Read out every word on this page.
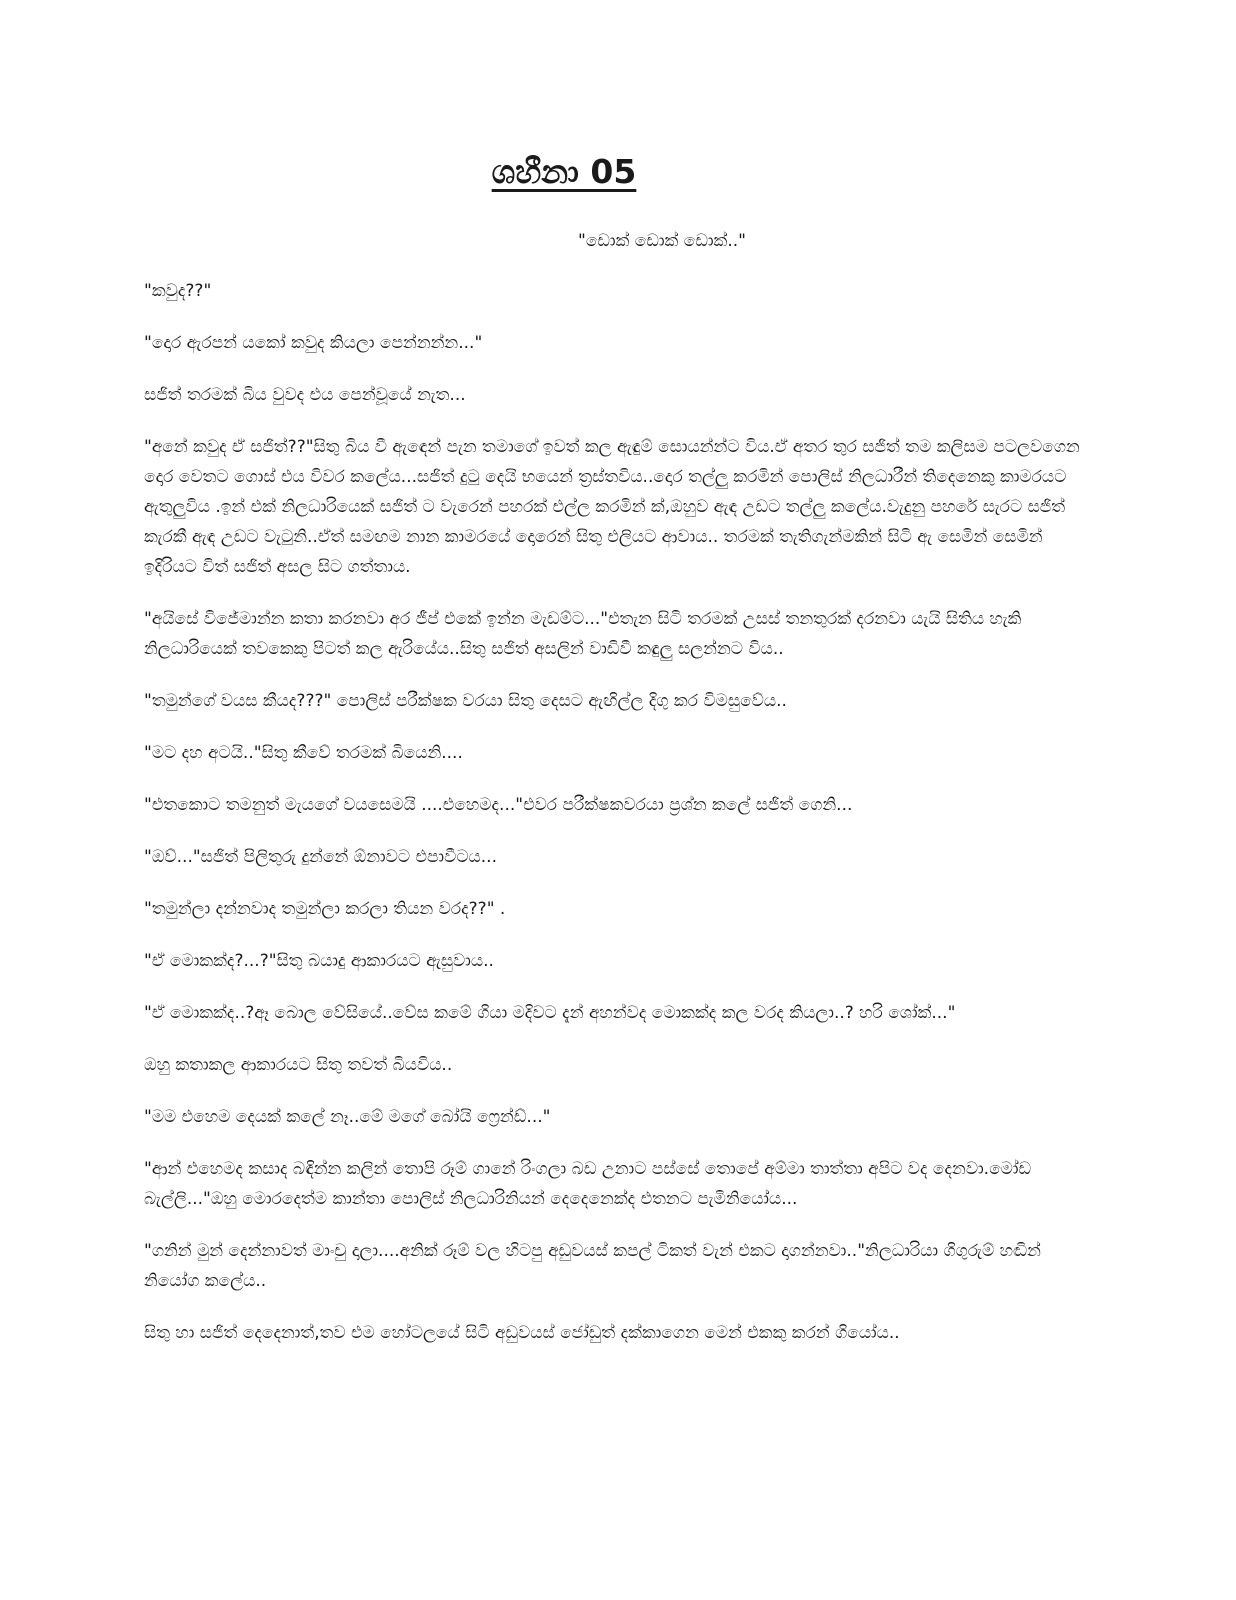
ශහීනා 05

"ඩොක් ඩොක් ඩොක්.."

"කවුද??"

"දොර ඇරපන් යකෝ කවුද කියලා පෙන්නන්න..."

සජිත් තරමක් බිය වුවද එය පෙන්වූයේ නැත...

"අනේ කවුද ඒ සජිත්??"සිතු බිය වී ඇඳෙන් පැන තමාගේ ඉවත් කල ඇඳුම් සොයන්න්ට විය.ඒ අතර තුර සජිත් තම කලිසම පටලවගෙන දොර වෙතට ගොස් එය විවර කලේය...සජිත් දුටු දෙයි භයෙන් ත්‍රස්තවිය..දොර තල්ලු කරමින් පොලිස් නිලධාරීන් තිදෙනෙකු කාමරයට ඇතුලුවිය .ඉන් එක් නිලධාරියෙක් සජිත් ට වැරෙන් පහරක් එල්ල කරමින් ක්,ඔහුව ඇඳ උඩට තල්ලු කලේය.වැදුනු පහරේ සැරට සජිත් කැරකී ඇඳ උඩට වැටුනි..ඒත් සමඟම නාන කාමරයේ දොරෙන් සිතු එලියට ආවාය.. තරමක් තැතිගැන්මකින් සිටි ඇ සෙමින් සෙමින් ඉදිරියට විත් සජිත් අසල සිට ගත්තාය.

"අයිසේ විජේමාන්න කතා කරනවා අර ජීප් එකේ ඉන්න මැඩම්ට..."එතැන සිටි තරමක් උසස් තනතුරක් දරනවා යැයි සිතිය හැකි නිලධාරියෙක් තවකෙකු පිටත් කල ඇරියේය..සිතු සජිත් අසලින් වාඩිවී කඳුලු සලන්නට විය..

"තමුන්ගේ වයස කීයද???" පොලිස් පරීක්ෂක වරයා සිතු දෙසට ඇඟිල්ල දිගු කර විමසුවේය..

"මට දහ අටයි.."සිතු කීවේ තරමක් බියෙනි....

"එතකොට තමනුත් මැයගේ වයසෙමයි ....එහෙමද..."එවර පරීක්ෂකවරයා ප්‍රශ්න කලේ සජිත් ගෙනි...

"ඔව්..."සජිත් පිලිතුරු දුන්නේ ඕනාවට එපාවීටය...

"තමුන්ලා දන්නවාද තමුන්ලා කරලා තියන වරද??" .

"ඒ මොකක්ද?...?"සිතු බයාදු ආකාරයට ඇසුවාය..

"ඒ මොකක්ද..?ඈ බොල වේසියේ..වේස කමේ ගියා මදිවට දැන් අහන්වද මොකක්ද කල වරද කියලා..? හරි ශෝක්..."

ඔහු කතාකල ආකාරයට සිතු තවත් බියවිය..

"මම එහෙම දෙයක් කලේ නෑ..මේ මගේ බෝයි ෆ්‍රෙන්ඩ්..."

"ආන් එහෙමද කසාද බඳින්න කලින් තොපි රූම් ගානේ රිංගලා බඩ උනාට පස්සේ තොපේ අම්මා තාත්තා අපිට වද දෙනවා.මෝඩ බැල්ලි..."ඔහු මොරදෙත්ම කාන්තා පොලිස් නිලධාරිනියන් දෙදෙනෙක්ද එතනට පැමිනියෝය...

"ගනින් මුන් දෙන්නාවත් මාංචු දාලා....අනික් රූම් වල හිටපු අඩුවයස් කපල් ටිකත් වැන් එකට දාගන්නවා.."නිලධාරියා ගිගුරුම් හඬින් නියෝග කලේය..

සිතු හා සජිත් දෙදෙනාත්,තව එම හෝටලයේ සිටි අඩුවයස් ජෝඩුත් දක්කාගෙන මෙන් එකකු කරන් ගියෝය..
